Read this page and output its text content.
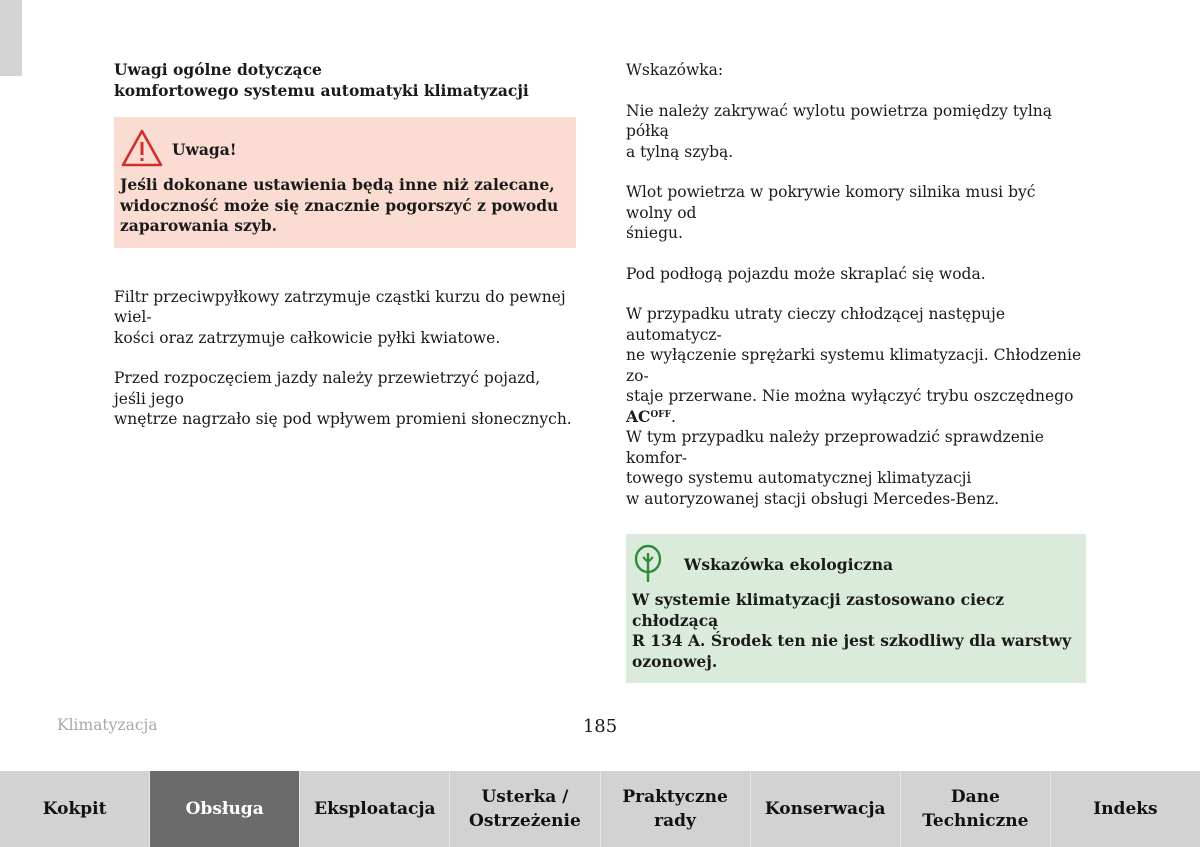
Uwagi ogólne dotyczące
komfortowego systemu automatyki klimatyzacji
Uwaga!
Jeśli dokonane ustawienia będą inne niż zalecane,
widoczność może się znacznie pogorszyć z powodu
zaparowania szyb.
Filtr przeciwpyłkowy zatrzymuje cząstki kurzu do pewnej wiel-
kości oraz zatrzymuje całkowicie pyłki kwiatowe.
Przed rozpoczęciem jazdy należy przewietrzyć pojazd, jeśli jego
wnętrze nagrzało się pod wpływem promieni słonecznych.
Wskazówka:
Nie należy zakrywać wylotu powietrza pomiędzy tylną półką
a tylną szybą.
Wlot powietrza w pokrywie komory silnika musi być wolny od
śniegu.
Pod podłogą pojazdu może skraplać się woda.
W przypadku utraty cieczy chłodzącej następuje automatycz-
ne wyłączenie sprężarki systemu klimatyzacji. Chłodzenie zo-
staje przerwane. Nie można wyłączyć trybu oszczędnego $AC^{OFF}$.
W tym przypadku należy przeprowadzić sprawdzenie komfor-
towego systemu automatycznej klimatyzacji
w autoryzowanej stacji obsługi Mercedes-Benz.
Wskazówka ekologiczna
W systemie klimatyzacji zastosowano ciecz chłodzącą
R 134 A. Środek ten nie jest szkodliwy dla warstwy
ozonowej.
Klimatyzacja	185
Kokpit	Obsługa	Eksploatacja
Usterka /
Ostrzeżenie
Praktyczne
rady
Konserwacja
Dane
Techniczne
Indeks
